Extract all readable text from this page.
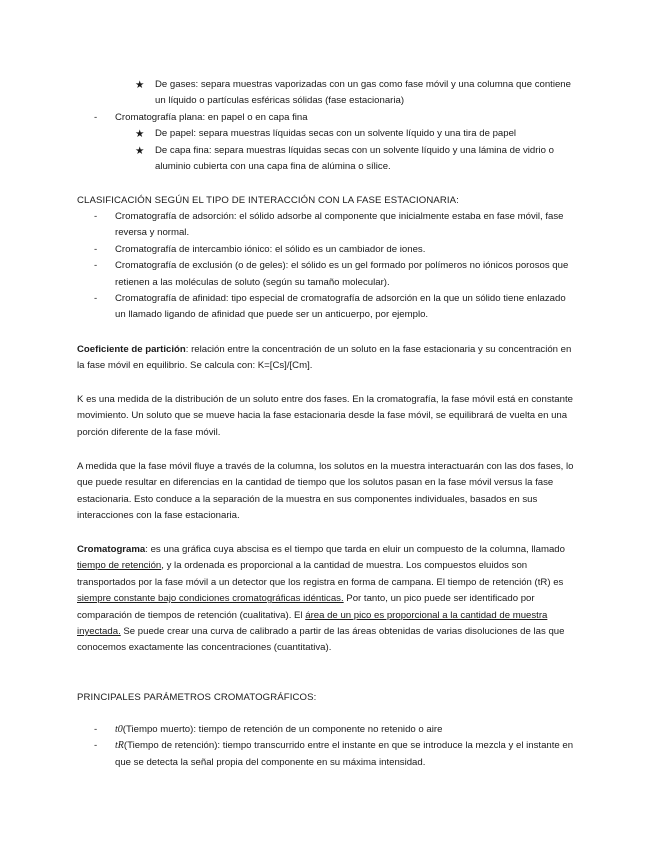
★ De gases: separa muestras vaporizadas con un gas como fase móvil y una columna que contiene un líquido o partículas esféricas sólidas (fase estacionaria)
- Cromatografía plana: en papel o en capa fina
★ De papel: separa muestras líquidas secas con un solvente líquido y una tira de papel
★ De capa fina: separa muestras líquidas secas con un solvente líquido y una lámina de vidrio o aluminio cubierta con una capa fina de alúmina o sílice.
CLASIFICACIÓN SEGÚN EL TIPO DE INTERACCIÓN CON LA FASE ESTACIONARIA:
- Cromatografía de adsorción: el sólido adsorbe al componente que inicialmente estaba en fase móvil, fase reversa y normal.
- Cromatografía de intercambio iónico: el sólido es un cambiador de iones.
- Cromatografía de exclusión (o de geles): el sólido es un gel formado por polímeros no iónicos porosos que retienen a las moléculas de soluto (según su tamaño molecular).
- Cromatografía de afinidad: tipo especial de cromatografía de adsorción en la que un sólido tiene enlazado un llamado ligando de afinidad que puede ser un anticuerpo, por ejemplo.

Coeficiente de partición: relación entre la concentración de un soluto en la fase estacionaria y su concentración en la fase móvil en equilibrio. Se calcula con: K=[Cs]/[Cm].

K es una medida de la distribución de un soluto entre dos fases. En la cromatografía, la fase móvil está en constante movimiento. Un soluto que se mueve hacia la fase estacionaria desde la fase móvil, se equilibrará de vuelta en una porción diferente de la fase móvil.

A medida que la fase móvil fluye a través de la columna, los solutos en la muestra interactuarán con las dos fases, lo que puede resultar en diferencias en la cantidad de tiempo que los solutos pasan en la fase móvil versus la fase estacionaria. Esto conduce a la separación de la muestra en sus componentes individuales, basados en sus interacciones con la fase estacionaria.

Cromatograma: es una gráfica cuya abscisa es el tiempo que tarda en eluir un compuesto de la columna, llamado tiempo de retención, y la ordenada es proporcional a la cantidad de muestra. Los compuestos eluidos son transportados por la fase móvil a un detector que los registra en forma de campana. El tiempo de retención (tR) es siempre constante bajo condiciones cromatográficas idénticas. Por tanto, un pico puede ser identificado por comparación de tiempos de retención (cualitativa). El área de un pico es proporcional a la cantidad de muestra inyectada. Se puede crear una curva de calibrado a partir de las áreas obtenidas de varias disoluciones de las que conocemos exactamente las concentraciones (cuantitativa).

PRINCIPALES PARÁMETROS CROMATOGRÁFICOS:
- t0(Tiempo muerto): tiempo de retención de un componente no retenido o aire
- tR(Tiempo de retención): tiempo transcurrido entre el instante en que se introduce la mezcla y el instante en que se detecta la señal propia del componente en su máxima intensidad.
